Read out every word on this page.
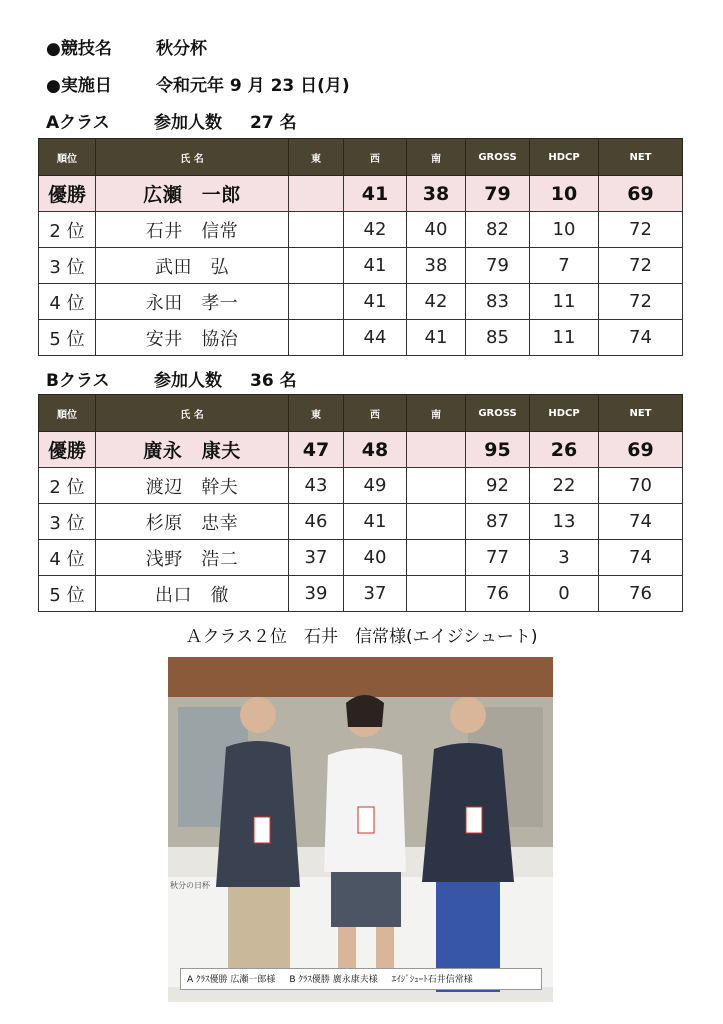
●競技名	秋分杯
●実施日	令和元年 9 月 23 日(月)
Aクラス	参加人数 27 名
順位	氏 名	東	西	南	GROSS	HDCP	NET
優勝	広瀬　一郎		41	38	79	10	69
2 位	石井　信常		42	40	82	10	72
3 位	武田　弘		41	38	79	7	72
4 位	永田　孝一		41	42	83	11	72
5 位	安井　協治		44	41	85	11	74
Bクラス	参加人数 36 名
順位	氏 名	東	西	南	GROSS	HDCP	NET
優勝	廣永　康夫	47	48		95	26	69
2 位	渡辺　幹夫	43	49		92	22	70
3 位	杉原　忠幸	46	41		87	13	74
4 位	浅野　浩二	37	40		77	3	74
5 位	出口　徹	39	37		76	0	76
Ａクラス２位　石井　信常様(エイジシュート)
秋分の日杯
A ｸﾗｽ優勝 広瀬一郎様 B ｸﾗｽ優勝 廣永康夫様 ｴｲｼﾞｼｭｰﾄ石井信常様
